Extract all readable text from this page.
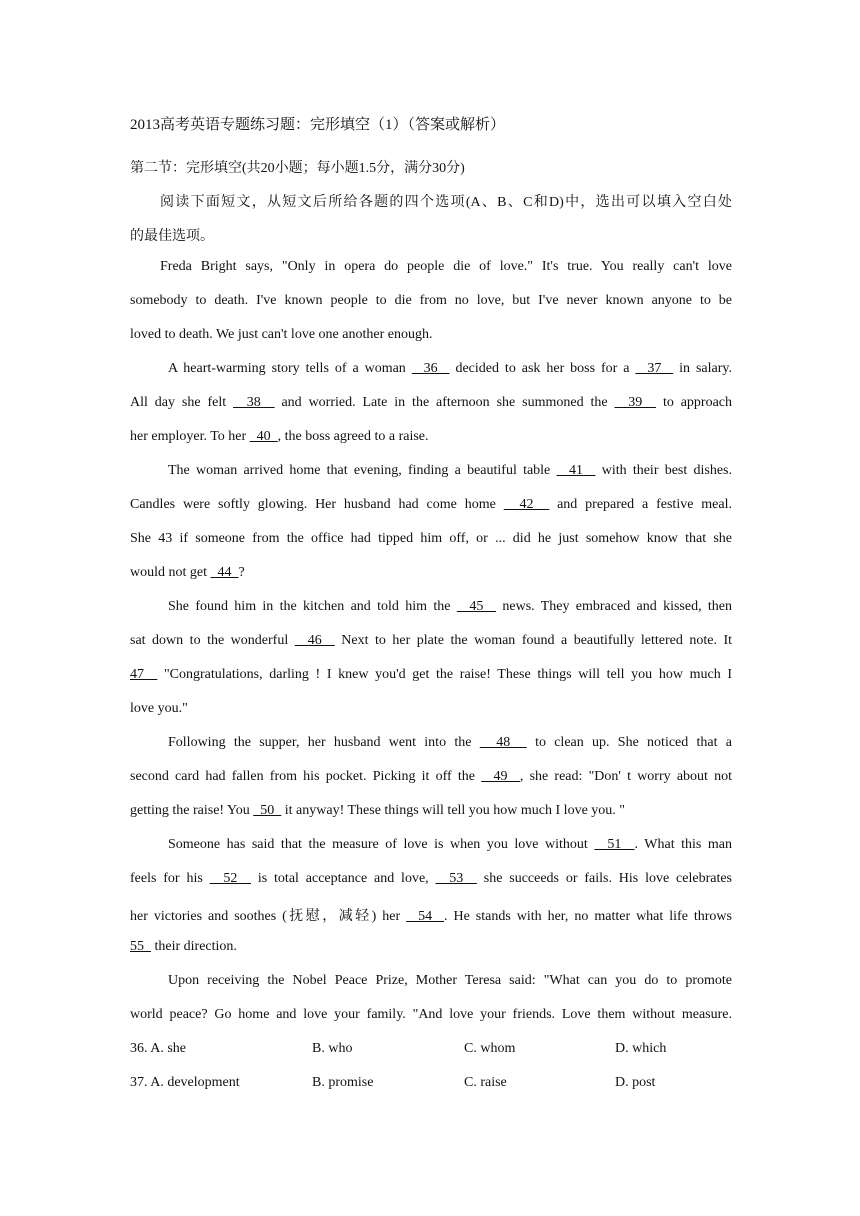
2013高考英语专题练习题：完形填空（1）（答案或解析）
第二节：完形填空(共20小题；每小题1.5分，满分30分)
阅读下面短文，从短文后所给各题的四个选项(A、B、C和D)中，选出可以填入空白处
的最佳选项。
Freda Bright says, "Only in opera do people die of love." It's true. You really can't love
somebody to death. I've known people to die from no love, but I've never known anyone to be
loved to death. We just can't love one another enough.
A heart-warming story tells of a woman   36   decided to ask her boss for a   37   in salary.
All day she felt   38   and worried. Late in the afternoon she summoned the   39   to approach
her employer. To her   40  , the boss agreed to a raise.
The woman arrived home that evening, finding a beautiful table   41   with their best dishes.
Candles were softly glowing. Her husband had come home   42   and prepared a festive meal.
She 43 if someone from the office had tipped him off, or ... did he just somehow know that she
would not get   44  ?
She found him in the kitchen and told him the   45   news. They embraced and kissed, then
sat down to the wonderful   46   Next to her plate the woman found a beautifully lettered note. It
47   "Congratulations, darling ! I knew you'd get the raise! These things will tell you how much I
love you."
Following the supper, her husband went into the   48   to clean up. She noticed that a
second card had fallen from his pocket. Picking it off the   49  , she read: "Don' t worry about not
getting the raise! You   50   it anyway! These things will tell you how much I love you. "
Someone has said that the measure of love is when you love without   51  . What this man
feels for his   52   is total acceptance and love,   53   she succeeds or fails. His love celebrates
her victories and soothes (抚慰，减轻) her   54  . He stands with her, no matter what life throws
55   their direction.
Upon receiving the Nobel Peace Prize, Mother Teresa said: "What can you do to promote
world peace? Go home and love your family. "And love your friends. Love them without measure.
36. A. she	B. who	C. whom	D. which
37. A. development	B. promise	C. raise	D. post
